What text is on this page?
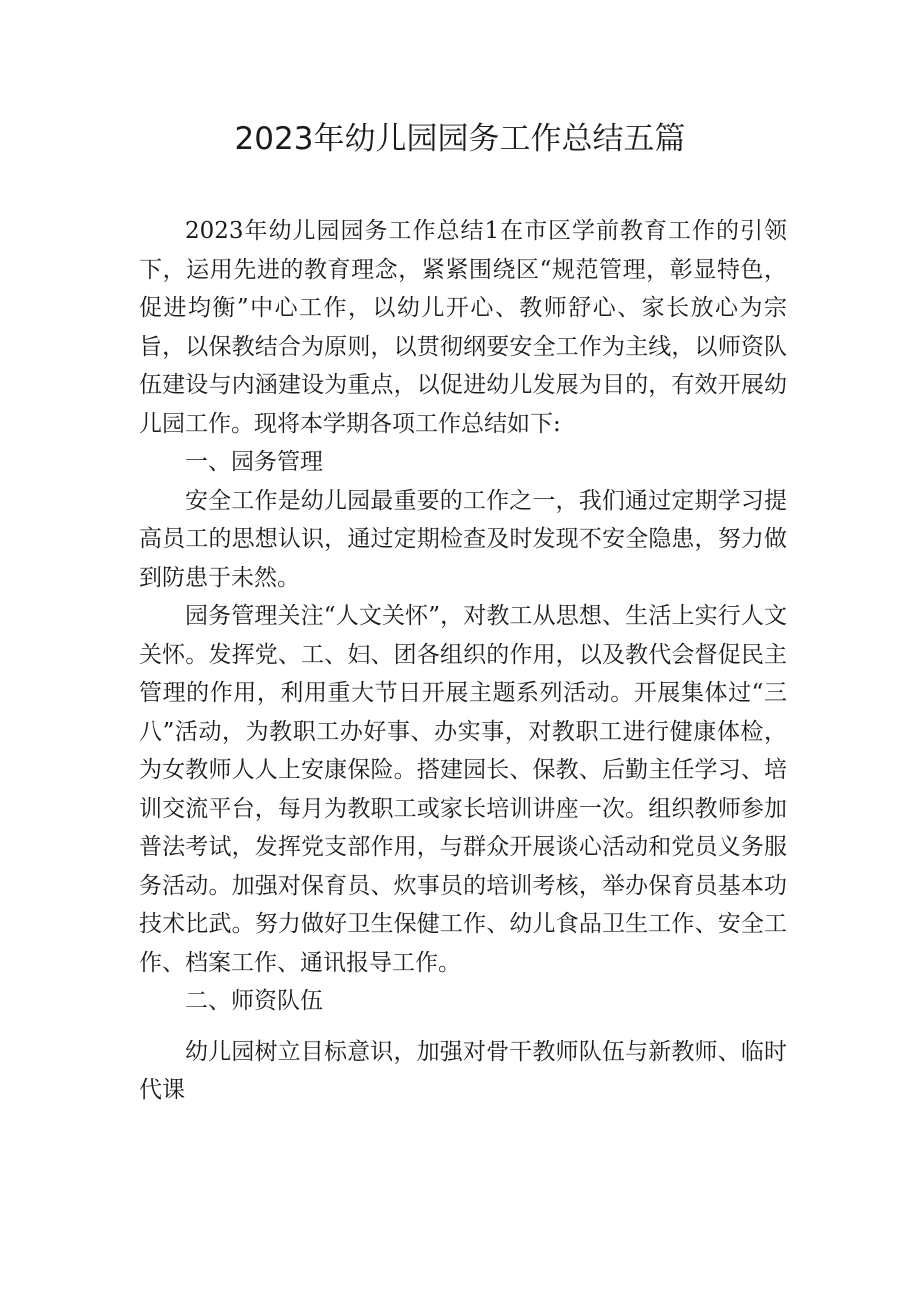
2023年幼儿园园务工作总结五篇

2023年幼儿园园务工作总结1在市区学前教育工作的引领下，运用先进的教育理念，紧紧围绕区“规范管理，彰显特色，促进均衡”中心工作，以幼儿开心、教师舒心、家长放心为宗旨，以保教结合为原则，以贯彻纲要安全工作为主线，以师资队伍建设与内涵建设为重点，以促进幼儿发展为目的，有效开展幼儿园工作。现将本学期各项工作总结如下:

一、园务管理

安全工作是幼儿园最重要的工作之一，我们通过定期学习提高员工的思想认识，通过定期检查及时发现不安全隐患，努力做到防患于未然。

园务管理关注“人文关怀”，对教工从思想、生活上实行人文关怀。发挥党、工、妇、团各组织的作用，以及教代会督促民主管理的作用，利用重大节日开展主题系列活动。开展集体过“三八”活动，为教职工办好事、办实事，对教职工进行健康体检，为女教师人人上安康保险。搭建园长、保教、后勤主任学习、培训交流平台，每月为教职工或家长培训讲座一次。组织教师参加普法考试，发挥党支部作用，与群众开展谈心活动和党员义务服务活动。加强对保育员、炊事员的培训考核，举办保育员基本功技术比武。努力做好卫生保健工作、幼儿食品卫生工作、安全工作、档案工作、通讯报导工作。

二、师资队伍

幼儿园树立目标意识，加强对骨干教师队伍与新教师、临时代课
